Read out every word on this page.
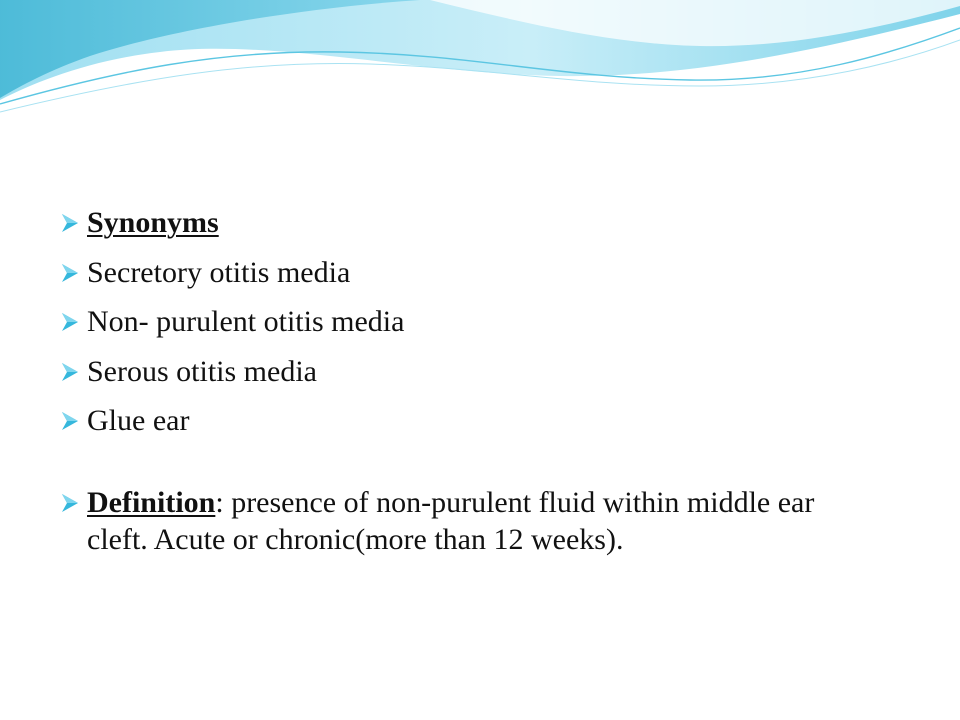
Synonyms
Secretory otitis media
Non- purulent otitis media
Serous otitis media
Glue ear
Definition: presence of non-purulent fluid within middle ear cleft. Acute or chronic(more than 12 weeks).
